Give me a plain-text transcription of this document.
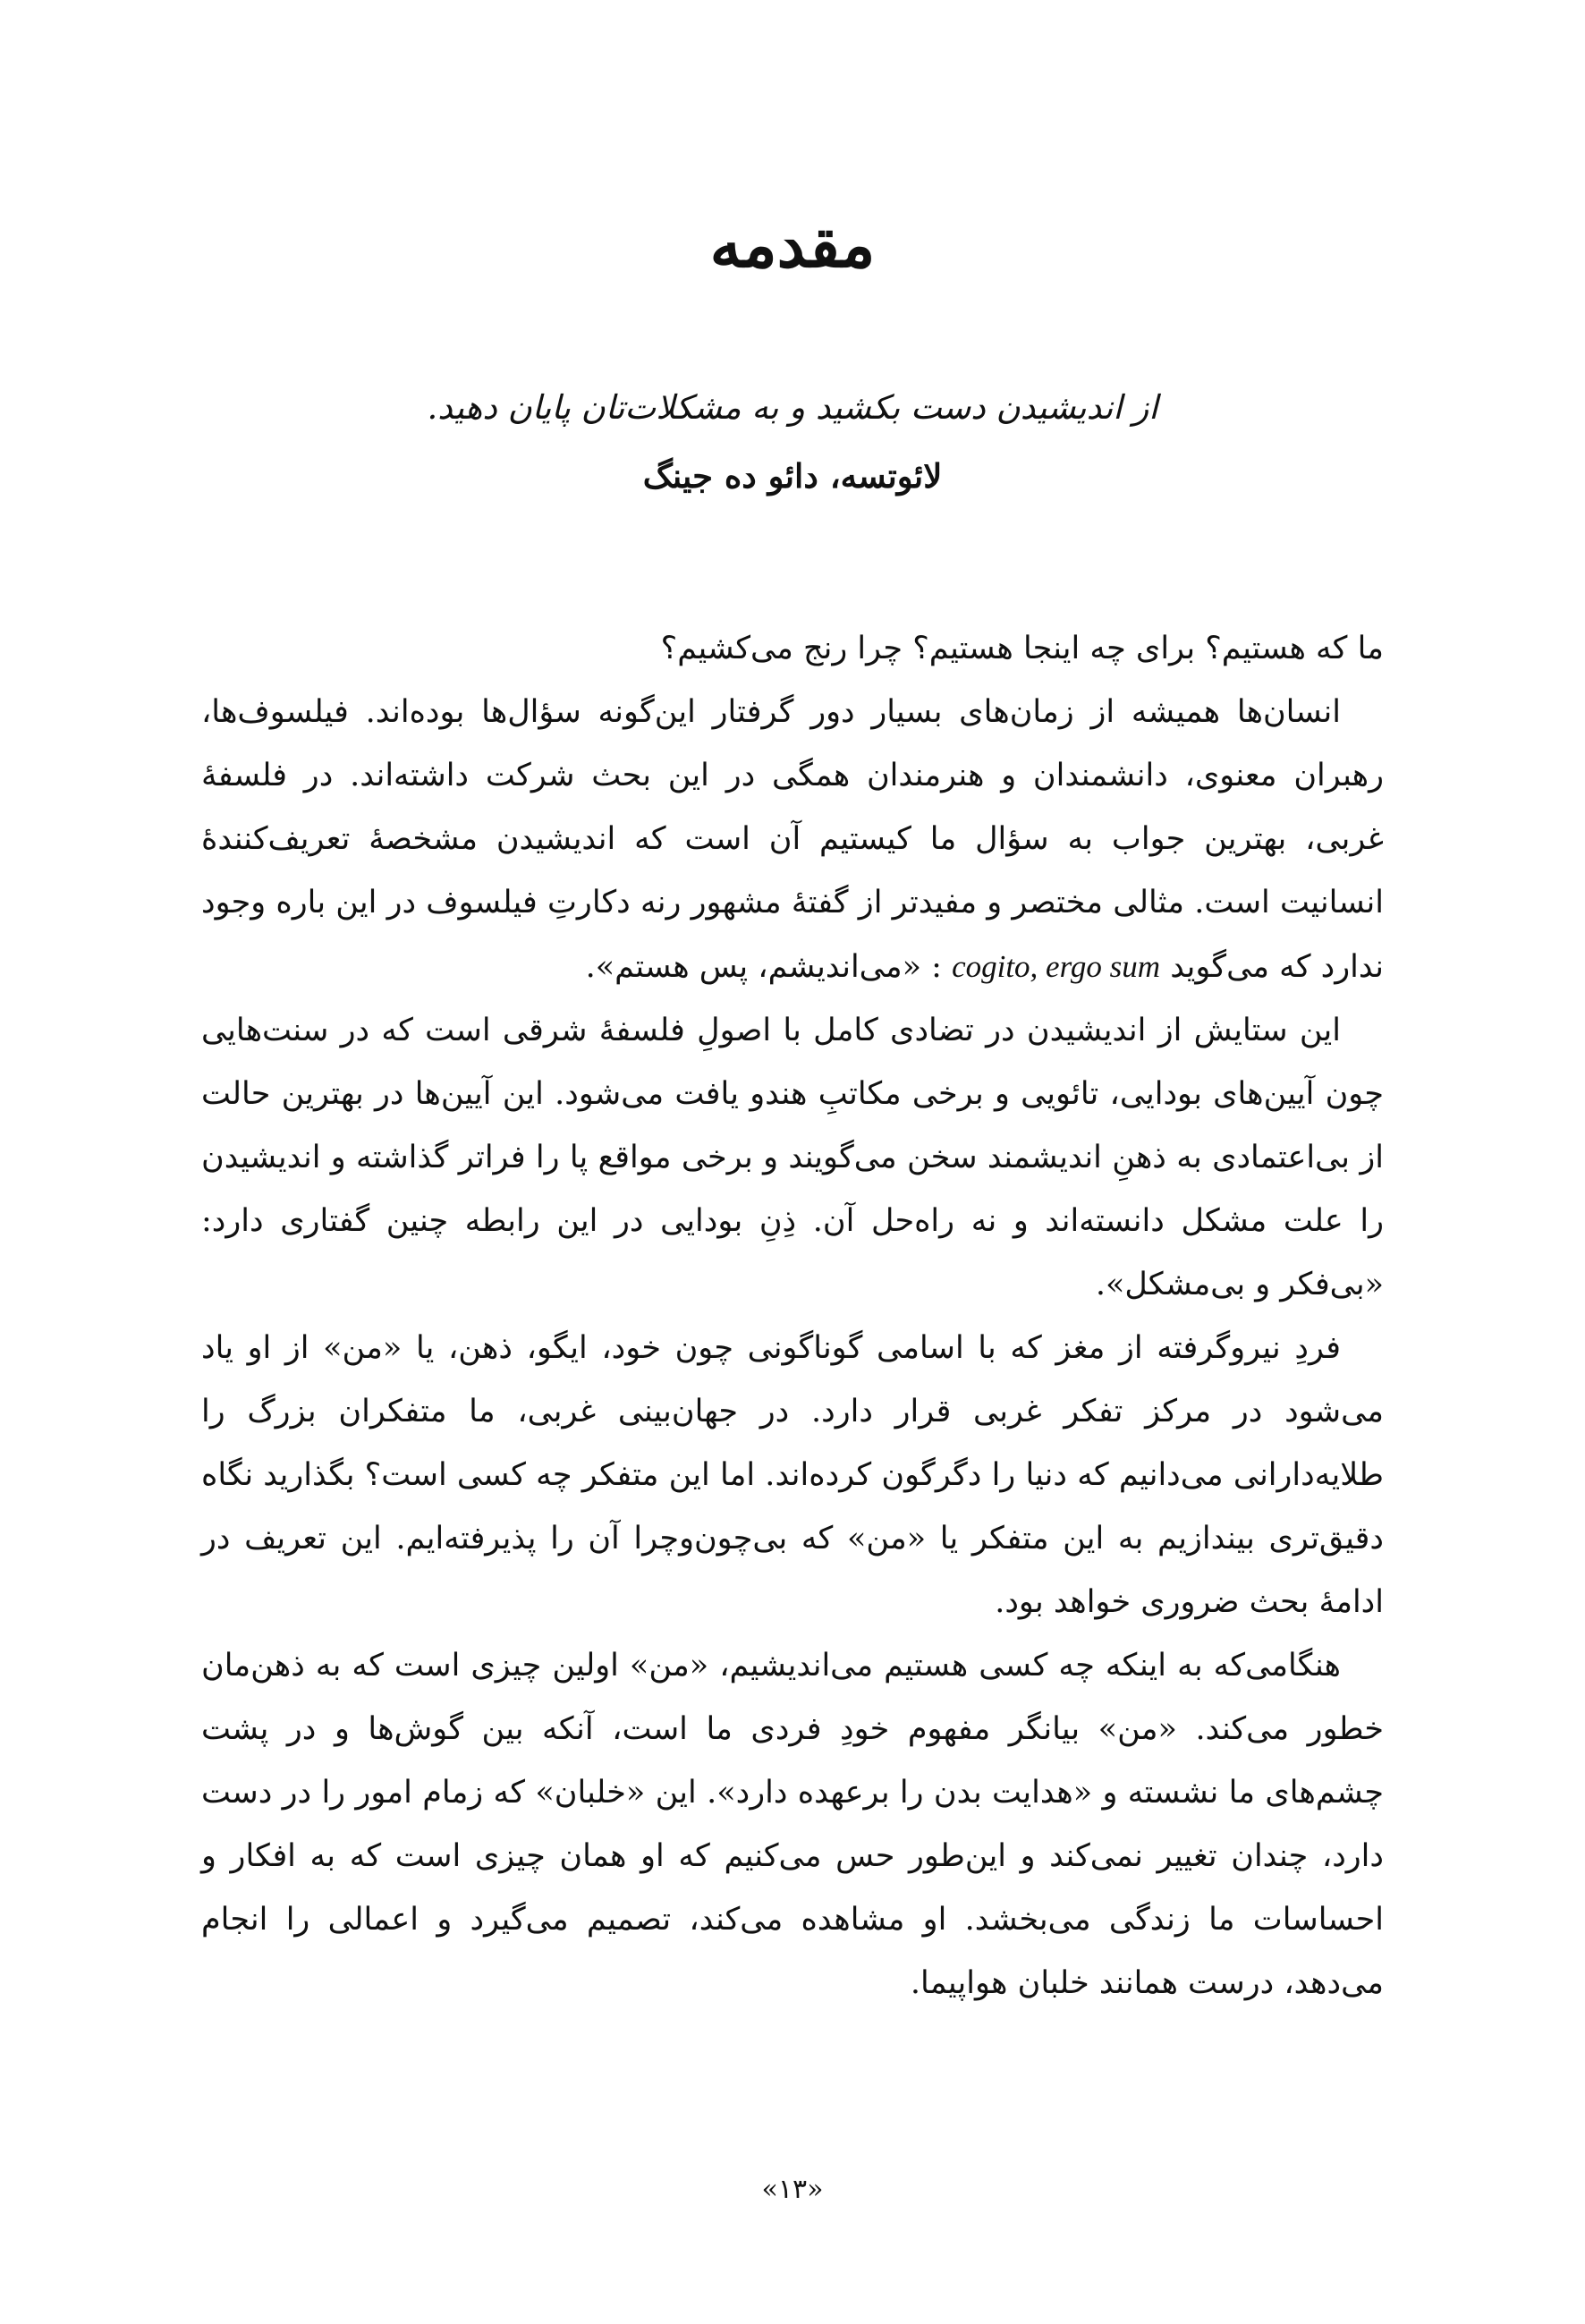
مقدمه
از اندیشیدن دست بکشید و به مشکلات‌تان پایان دهید.
لائوتسه، دائو ده جینگ

ما که هستیم؟ برای چه اینجا هستیم؟ چرا رنج می‌کشیم؟

انسان‌ها همیشه از زمان‌های بسیار دور گرفتار این‌گونه سؤال‌ها بوده‌اند. فیلسوف‌ها، رهبران معنوی، دانشمندان و هنرمندان همگی در این بحث شرکت داشته‌اند. در فلسفهٔ غربی، بهترین جواب به سؤال ما کیستیم آن است که اندیشیدن مشخصهٔ تعریف‌کنندهٔ انسانیت است. مثالی مختصر و مفیدتر از گفتهٔ مشهور رنه دکارتِ فیلسوف در این باره وجود ندارد که می‌گوید cogito, ergo sum : «می‌اندیشم، پس هستم».

این ستایش از اندیشیدن در تضادی کامل با اصولِ فلسفهٔ شرقی است که در سنت‌هایی چون آیین‌های بودایی، تائویی و برخی مکاتبِ هندو یافت می‌شود. این آیین‌ها در بهترین حالت از بی‌اعتمادی به ذهنِ اندیشمند سخن می‌گویند و برخی مواقع پا را فراتر گذاشته و اندیشیدن را علت مشکل دانسته‌اند و نه راه‌حل آن. ذِنِ بودایی در این رابطه چنین گفتاری دارد: «بی‌فکر و بی‌مشکل».

فردِ نیروگرفته از مغز که با اسامی گوناگونی چون خود، ایگو، ذهن، یا «من» از او یاد می‌شود در مرکز تفکر غربی قرار دارد. در جهان‌بینی غربی، ما متفکران بزرگ را طلایه‌دارانی می‌دانیم که دنیا را دگرگون کرده‌اند. اما این متفکر چه کسی است؟ بگذارید نگاه دقیق‌تری بیندازیم به این متفکر یا «من» که بی‌چون‌وچرا آن را پذیرفته‌ایم. این تعریف در ادامهٔ بحث ضروری خواهد بود.

هنگامی‌که به اینکه چه کسی هستیم می‌اندیشیم، «من» اولین چیزی است که به ذهن‌مان خطور می‌کند. «من» بیانگر مفهوم خودِ فردی ما است، آنکه بین گوش‌ها و در پشت چشم‌های ما نشسته و «هدایت بدن را برعهده دارد». این «خلبان» که زمام امور را در دست دارد، چندان تغییر نمی‌کند و این‌طور حس می‌کنیم که او همان چیزی است که به افکار و احساسات ما زندگی می‌بخشد. او مشاهده می‌کند، تصمیم می‌گیرد و اعمالی را انجام می‌دهد، درست همانند خلبان هواپیما.

«۱۳»
